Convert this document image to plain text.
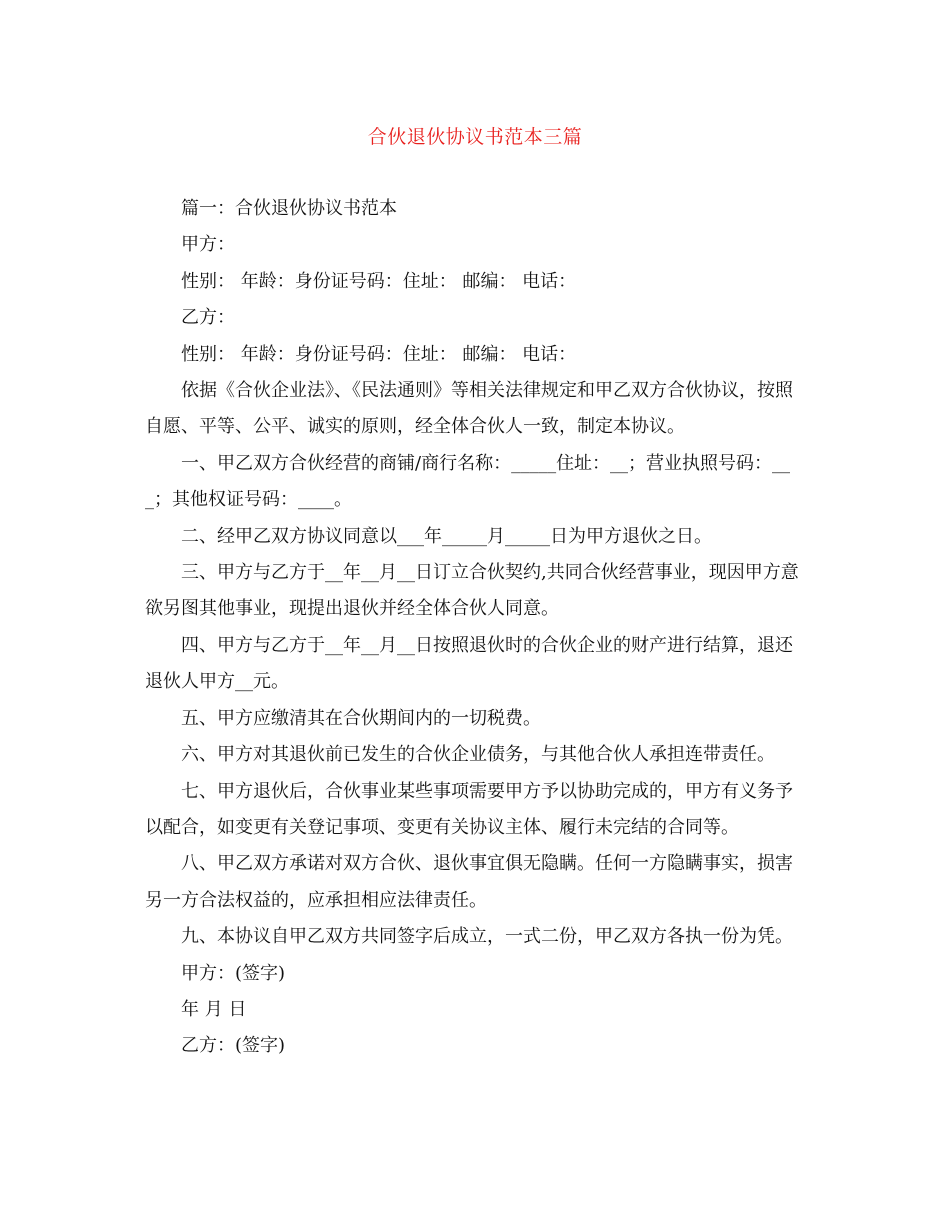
合伙退伙协议书范本三篇

篇一：合伙退伙协议书范本

甲方：

性别： 年龄：身份证号码：住址： 邮编： 电话：

乙方：

性别： 年龄：身份证号码：住址： 邮编： 电话：

依据《合伙企业法》、《民法通则》等相关法律规定和甲乙双方合伙协议，按照自愿、平等、公平、诚实的原则，经全体合伙人一致，制定本协议。

一、甲乙双方合伙经营的商铺/商行名称：_____住址：__；营业执照号码：___；其他权证号码：____。

二、经甲乙双方协议同意以___年_____月_____日为甲方退伙之日。

三、甲方与乙方于__年__月__日订立合伙契约,共同合伙经营事业，现因甲方意欲另图其他事业，现提出退伙并经全体合伙人同意。

四、甲方与乙方于__年__月__日按照退伙时的合伙企业的财产进行结算，退还退伙人甲方__元。

五、甲方应缴清其在合伙期间内的一切税费。

六、甲方对其退伙前已发生的合伙企业债务，与其他合伙人承担连带责任。

七、甲方退伙后，合伙事业某些事项需要甲方予以协助完成的，甲方有义务予以配合，如变更有关登记事项、变更有关协议主体、履行未完结的合同等。

八、甲乙双方承诺对双方合伙、退伙事宜俱无隐瞒。任何一方隐瞒事实，损害另一方合法权益的，应承担相应法律责任。

九、本协议自甲乙双方共同签字后成立，一式二份，甲乙双方各执一份为凭。

甲方：(签字)

年 月 日

乙方：(签字)
